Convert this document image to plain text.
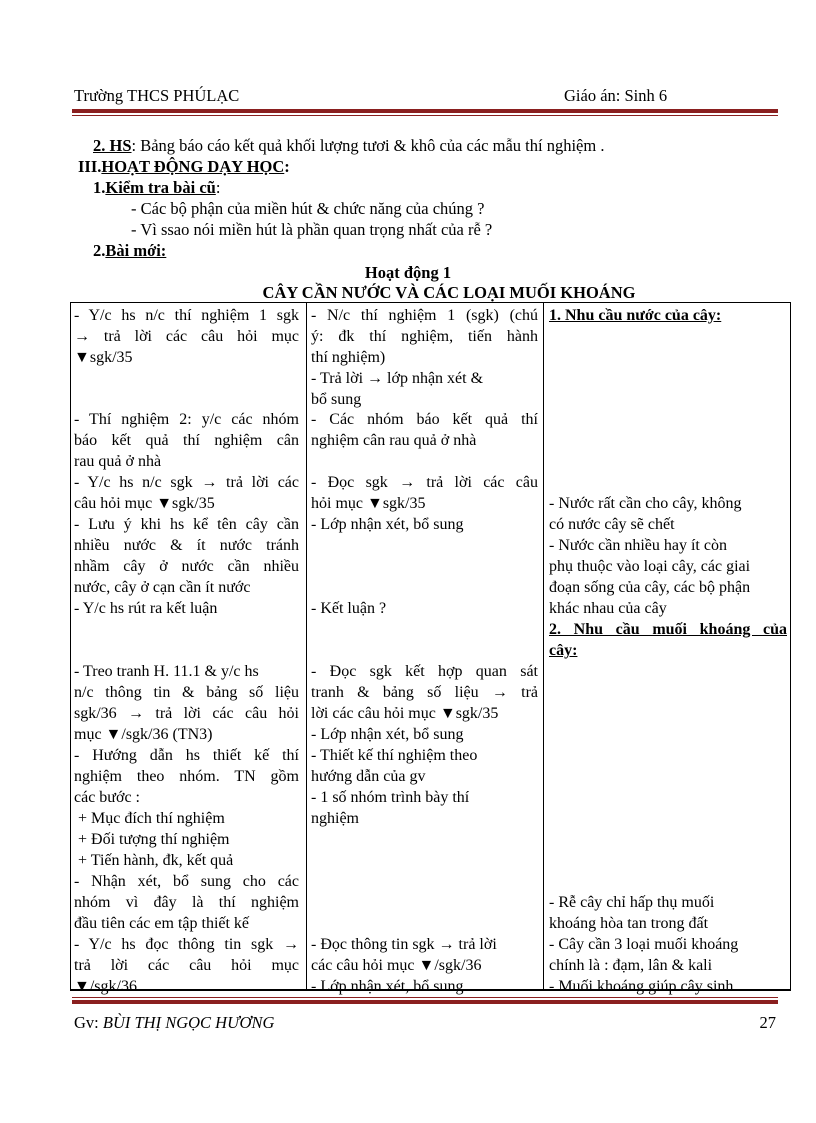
Trường THCS PHÚLẠC	Giáo án: Sinh 6
2. HS: Bảng báo cáo kết quả khối lượng tươi & khô của các mẫu thí nghiệm .
III.HOẠT ĐỘNG DẠY HỌC:
1.Kiểm tra bài cũ:
- Các bộ phận của miền hút & chức năng của chúng ?
- Vì ssao nói miền hút là phần quan trọng nhất của rễ ?
2.Bài mới:
Hoạt động 1
CÂY CẦN NƯỚC VÀ CÁC LOẠI MUỐI KHOÁNG
- Y/c hs n/c thí nghiệm 1 sgk
→ trả lời các câu hỏi mục
▼sgk/35
- Thí nghiệm 2: y/c các nhóm
báo kết quả thí nghiệm cân
rau quả ở nhà
- Y/c hs n/c sgk → trả lời các
câu hỏi mục ▼sgk/35
- Lưu ý khi hs kể tên cây cần
nhiều nước & ít nước tránh
nhầm cây ở nước cần nhiều
nước, cây ở cạn cần ít nước
- Y/c hs rút ra kết luận
- Treo tranh H. 11.1 & y/c hs
n/c thông tin & bảng số liệu
sgk/36 → trả lời các câu hỏi
mục ▼/sgk/36 (TN3)
- Hướng dẫn hs thiết kế thí
nghiệm theo nhóm. TN gồm
các bước :
+ Mục đích thí nghiệm
+ Đối tượng thí nghiệm
+ Tiến hành, đk, kết quả
- Nhận xét, bổ sung cho các
nhóm vì đây là thí nghiệm
đầu tiên các em tập thiết kế
- Y/c hs đọc thông tin sgk →
trả lời các câu hỏi mục
▼/sgk/36
- N/c thí nghiệm 1 (sgk) (chú
ý: đk thí nghiệm, tiến hành
thí nghiệm)
- Trả lời → lớp nhận xét &
bổ sung
- Các nhóm báo kết quả thí
nghiệm cân rau quả ở nhà
- Đọc sgk → trả lời các câu
hỏi mục ▼sgk/35
- Lớp nhận xét, bổ sung
- Kết luận ?
- Đọc sgk kết hợp quan sát
tranh & bảng số liệu → trả
lời các câu hỏi mục ▼sgk/35
- Lớp nhận xét, bổ sung
- Thiết kế thí nghiệm theo
hướng dẫn của gv
- 1 số nhóm trình bày thí
nghiệm
- Đọc thông tin sgk → trả lời
các câu hỏi mục ▼/sgk/36
- Lớp nhận xét, bổ sung
1. Nhu cầu nước của cây:
- Nước rất cần cho cây, không
có nước cây sẽ chết
- Nước cần nhiều hay ít còn
phụ thuộc vào loại cây, các giai
đoạn sống của cây, các bộ phận
khác nhau của cây
2. Nhu cầu muối khoáng của
cây:
- Rễ cây chỉ hấp thụ muối
khoáng hòa tan trong đất
- Cây cần 3 loại muối khoáng
chính là : đạm, lân & kali
- Muối khoáng giúp cây sinh
Gv: BÙI THỊ NGỌC HƯƠNG	27
